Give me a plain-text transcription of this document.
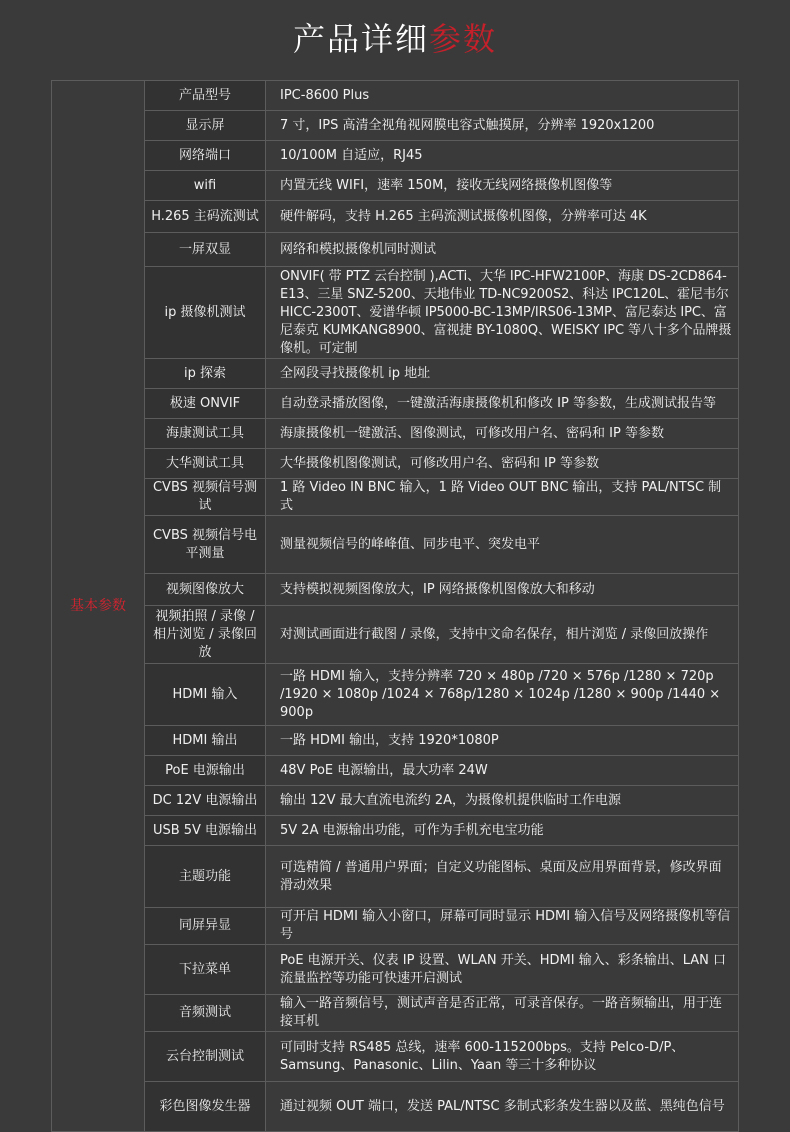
产品详细参数
基本参数	产品型号	IPC-8600 Plus
	显示屏	7 寸，IPS 高清全视角视网膜电容式触摸屏，分辨率 1920x1200
	网络端口	10/100M 自适应，RJ45
	wifi	内置无线 WIFI，速率 150M，接收无线网络摄像机图像等
	H.265 主码流测试	硬件解码，支持 H.265 主码流测试摄像机图像，分辨率可达 4K
	一屏双显	网络和模拟摄像机同时测试
	ip 摄像机测试	ONVIF( 带 PTZ 云台控制 ),ACTi、大华 IPC-HFW2100P、海康 DS-2CD864-E13、三星 SNZ-5200、天地伟业 TD-NC9200S2、科达 IPC120L、霍尼韦尔 HICC-2300T、爱谱华顿 IP5000-BC-13MP/IRS06-13MP、富尼泰达 IPC、富尼泰克 KUMKANG8900、富视捷 BY-1080Q、WEISKY IPC 等八十多个品牌摄像机。可定制
	ip 探索	全网段寻找摄像机 ip 地址
	极速 ONVIF	自动登录播放图像，一键激活海康摄像机和修改 IP 等参数，生成测试报告等
	海康测试工具	海康摄像机一键激活、图像测试，可修改用户名、密码和 IP 等参数
	大华测试工具	大华摄像机图像测试，可修改用户名、密码和 IP 等参数
	CVBS 视频信号测试	1 路 Video IN BNC 输入，1 路 Video OUT BNC 输出，支持 PAL/NTSC 制式
	CVBS 视频信号电平测量	测量视频信号的峰峰值、同步电平、突发电平
	视频图像放大	支持模拟视频图像放大，IP 网络摄像机图像放大和移动
	视频拍照 / 录像 / 相片浏览 / 录像回放	对测试画面进行截图 / 录像，支持中文命名保存，相片浏览 / 录像回放操作
	HDMI 输入	一路 HDMI 输入，支持分辨率 720 × 480p /720 × 576p /1280 × 720p /1920 × 1080p /1024 × 768p/1280 × 1024p /1280 × 900p /1440 × 900p
	HDMI 输出	一路 HDMI 输出，支持 1920*1080P
	PoE 电源输出	48V PoE 电源输出，最大功率 24W
	DC 12V 电源输出	输出 12V 最大直流电流约 2A，为摄像机提供临时工作电源
	USB 5V 电源输出	5V 2A 电源输出功能，可作为手机充电宝功能
	主题功能	可选精简 / 普通用户界面；自定义功能图标、桌面及应用界面背景，修改界面滑动效果
	同屏异显	可开启 HDMI 输入小窗口，屏幕可同时显示 HDMI 输入信号及网络摄像机等信号
	下拉菜单	PoE 电源开关、仪表 IP 设置、WLAN 开关、HDMI 输入、彩条输出、LAN 口流量监控等功能可快速开启测试
	音频测试	输入一路音频信号，测试声音是否正常，可录音保存。一路音频输出，用于连接耳机
	云台控制测试	可同时支持 RS485 总线，速率 600-115200bps。支持 Pelco-D/P、Samsung、Panasonic、Lilin、Yaan 等三十多种协议
	彩色图像发生器	通过视频 OUT 端口，发送 PAL/NTSC 多制式彩条发生器以及蓝、黑纯色信号
